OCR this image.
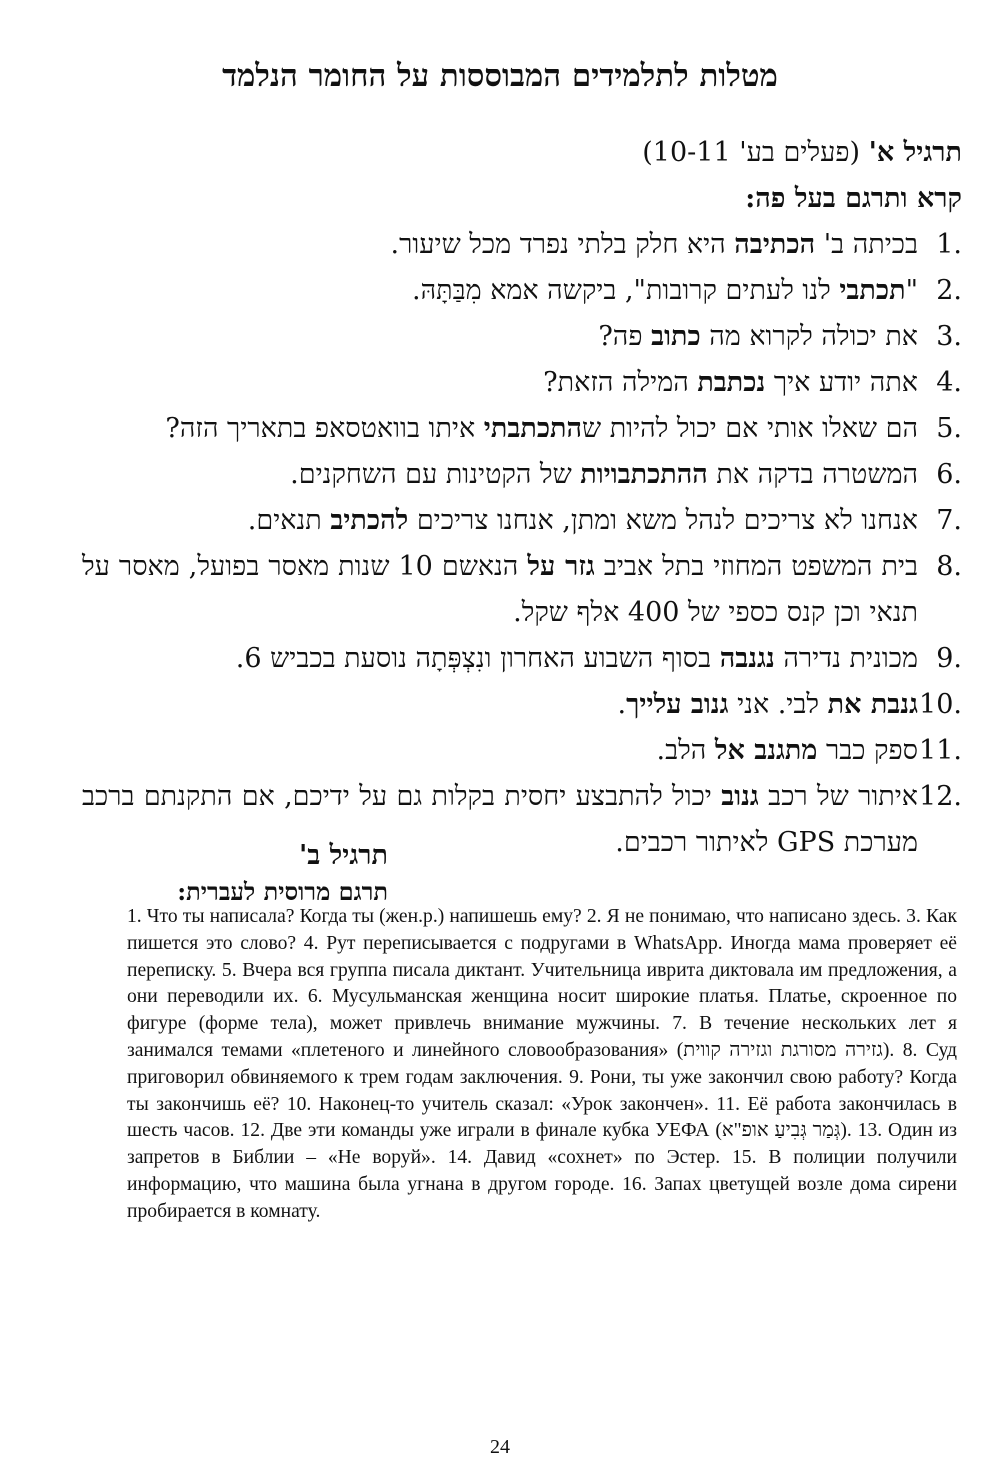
מטלות לתלמידים המבוססות על החומר הנלמד
תרגיל א' (פעלים בע' 10-11)
קרא ותרגם בעל פה:
1.
בכיתה ב' הכתיבה היא חלק בלתי נפרד מכל שיעור.
2.
"תכתבי לנו לעתים קרובות", ביקשה אמא מִבַּתָּהּ.
3.
את יכולה לקרוא מה כתוב פה?
4.
אתה יודע איך נכתבת המילה הזאת?
5.
הם שאלו אותי אם יכול להיות שהתכתבתי איתו בוואטסאפ בתאריך הזה?
6.
המשטרה בדקה את ההתכתבויות של הקטינות עם השחקנים.
7.
אנחנו לא צריכים לנהל משא ומתן, אנחנו צריכים להכתיב תנאים.
8.
בית המשפט המחוזי בתל אביב גזר על הנאשם 10 שנות מאסר בפועל, מאסר על תנאי וכן קנס כספי של 400 אלף שקל.
9.
מכונית נדירה נגנבה בסוף השבוע האחרון ונִצְפְּתָה נוסעת בכביש 6.
10.
גנבת את לבי. אני גנוב עלייך.
11.
ספק כבר מתגנב אל הלב.
12.
איתור של רכב גנוב יכול להתבצע יחסית בקלות גם על ידיכם, אם התקנתם ברכב מערכת GPS לאיתור רכבים.
תרגיל ב'
תרגם מרוסית לעברית:
1. Что ты написала? Когда ты (жен.р.) напишешь ему? 2. Я не понимаю, что написано здесь. 3. Как пишется это слово? 4. Рут переписывается с подругами в WhatsApp. Иногда мама проверяет её переписку. 5. Вчера вся группа писала диктант. Учительница иврита диктовала им предложения, а они переводили их. 6. Мусульманская женщина носит широкие платья. Платье, скроенное по фигуре (форме тела), может привлечь внимание мужчины. 7. В течение нескольких лет я занимался темами «плетеного и линейного словообразования» (גזירה מסורגת וגזירה קווית). 8. Суд приговорил обвиняемого к трем годам заключения. 9. Рони, ты уже закончил свою работу? Когда ты закончишь её? 10. Наконец-то учитель сказал: «Урок закончен». 11. Её работа закончилась в шесть часов. 12. Две эти команды уже играли в финале кубка УЕФА (גְּמַר גְּבִיעַ אופ"א). 13. Один из запретов в Библии – «Не воруй». 14. Давид «сохнет» по Эстер. 15. В полиции получили информацию, что машина была угнана в другом городе. 16. Запах цветущей возле дома сирени пробирается в комнату.
24
